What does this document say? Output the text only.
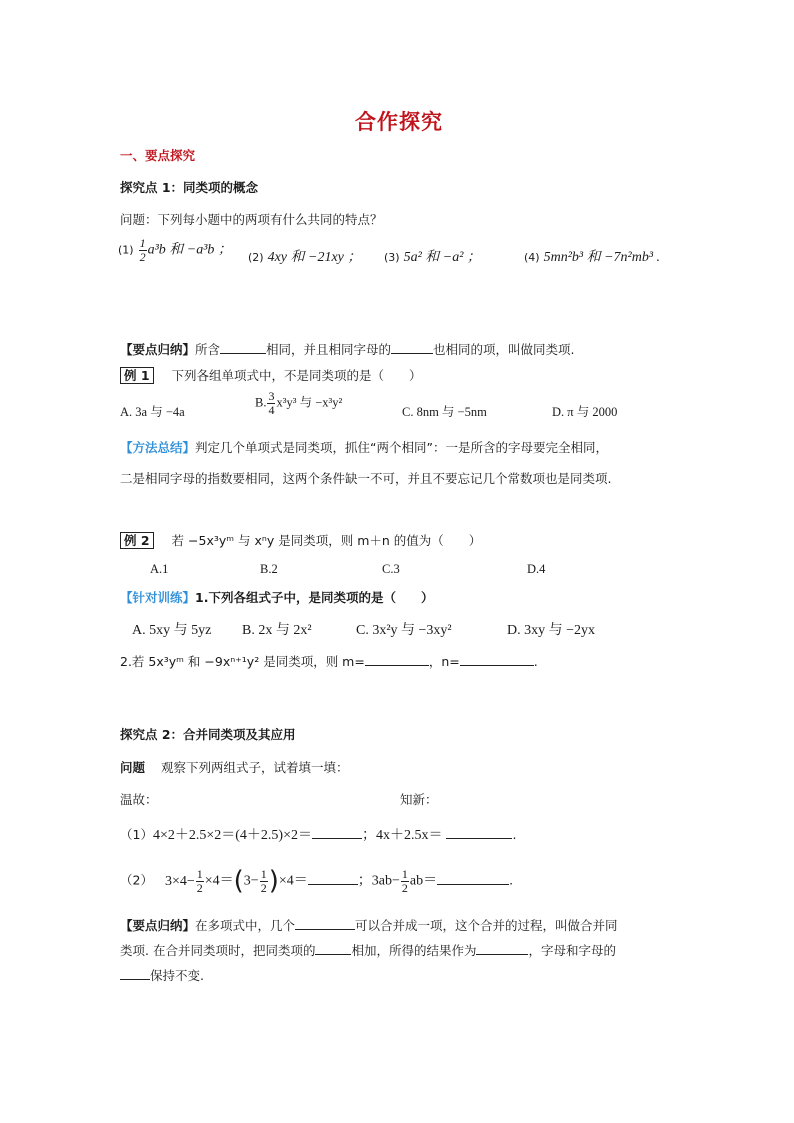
合作探究
一、要点探究
探究点 1：同类项的概念
问题：下列每小题中的两项有什么共同的特点？
$(1) \frac{1}{2} a^3b$ 和 −a³b ； (2) 4xy 和 −21xy ； (3) 5a² 和 −a² ；	(4) 5mn²b³ 和 −7n²mb³ .
【要点归纳】所含	相同，并且相同字母的	也相同的项，叫做同类项.
例 1 下列各组单项式中，不是同类项的是（　　）
A. 3a 与 −4a
B. $\frac{3}{4} x^3y^3$ 与 −x³y²
C. 8nm 与 −5nm	D. π 与 2000
【方法总结】判定几个单项式是同类项，抓住“两个相同”：一是所含的字母要完全相同，
二是相同字母的指数要相同，这两个条件缺一不可，并且不要忘记几个常数项也是同类项.
例 2 若 −5x³yᵐ 与 xⁿy 是同类项，则 m＋n 的值为（　　）
A.1	B.2	C.3	D.4
【针对训练】1.下列各组式子中，是同类项的是（　　）
A. 5xy 与 5yz B. 2x 与 2x²	C. 3x²y 与 −3xy²	D. 3xy 与 −2yx
2.若 5x³yᵐ 和 −9xⁿ⁺¹y² 是同类项，则 m=	，n=	.
探究点 2：合并同类项及其应用
问题 观察下列两组式子，试着填一填：
温故：	知新：
（1）4×2＋2.5×2＝(4＋2.5)×2＝	；4x＋2.5x＝	.
（2） $3\times 4- \frac{1}{2} \times 4=(3- \frac{1}{2} )\times 4=$	；$3ab- \frac{1}{2} ab=$	.
【要点归纳】在多项式中，几个	可以合并成一项，这个合并的过程，叫做合并同
类项. 在合并同类项时，把同类项的	相加，所得的结果作为	，字母和字母的
保持不变.
